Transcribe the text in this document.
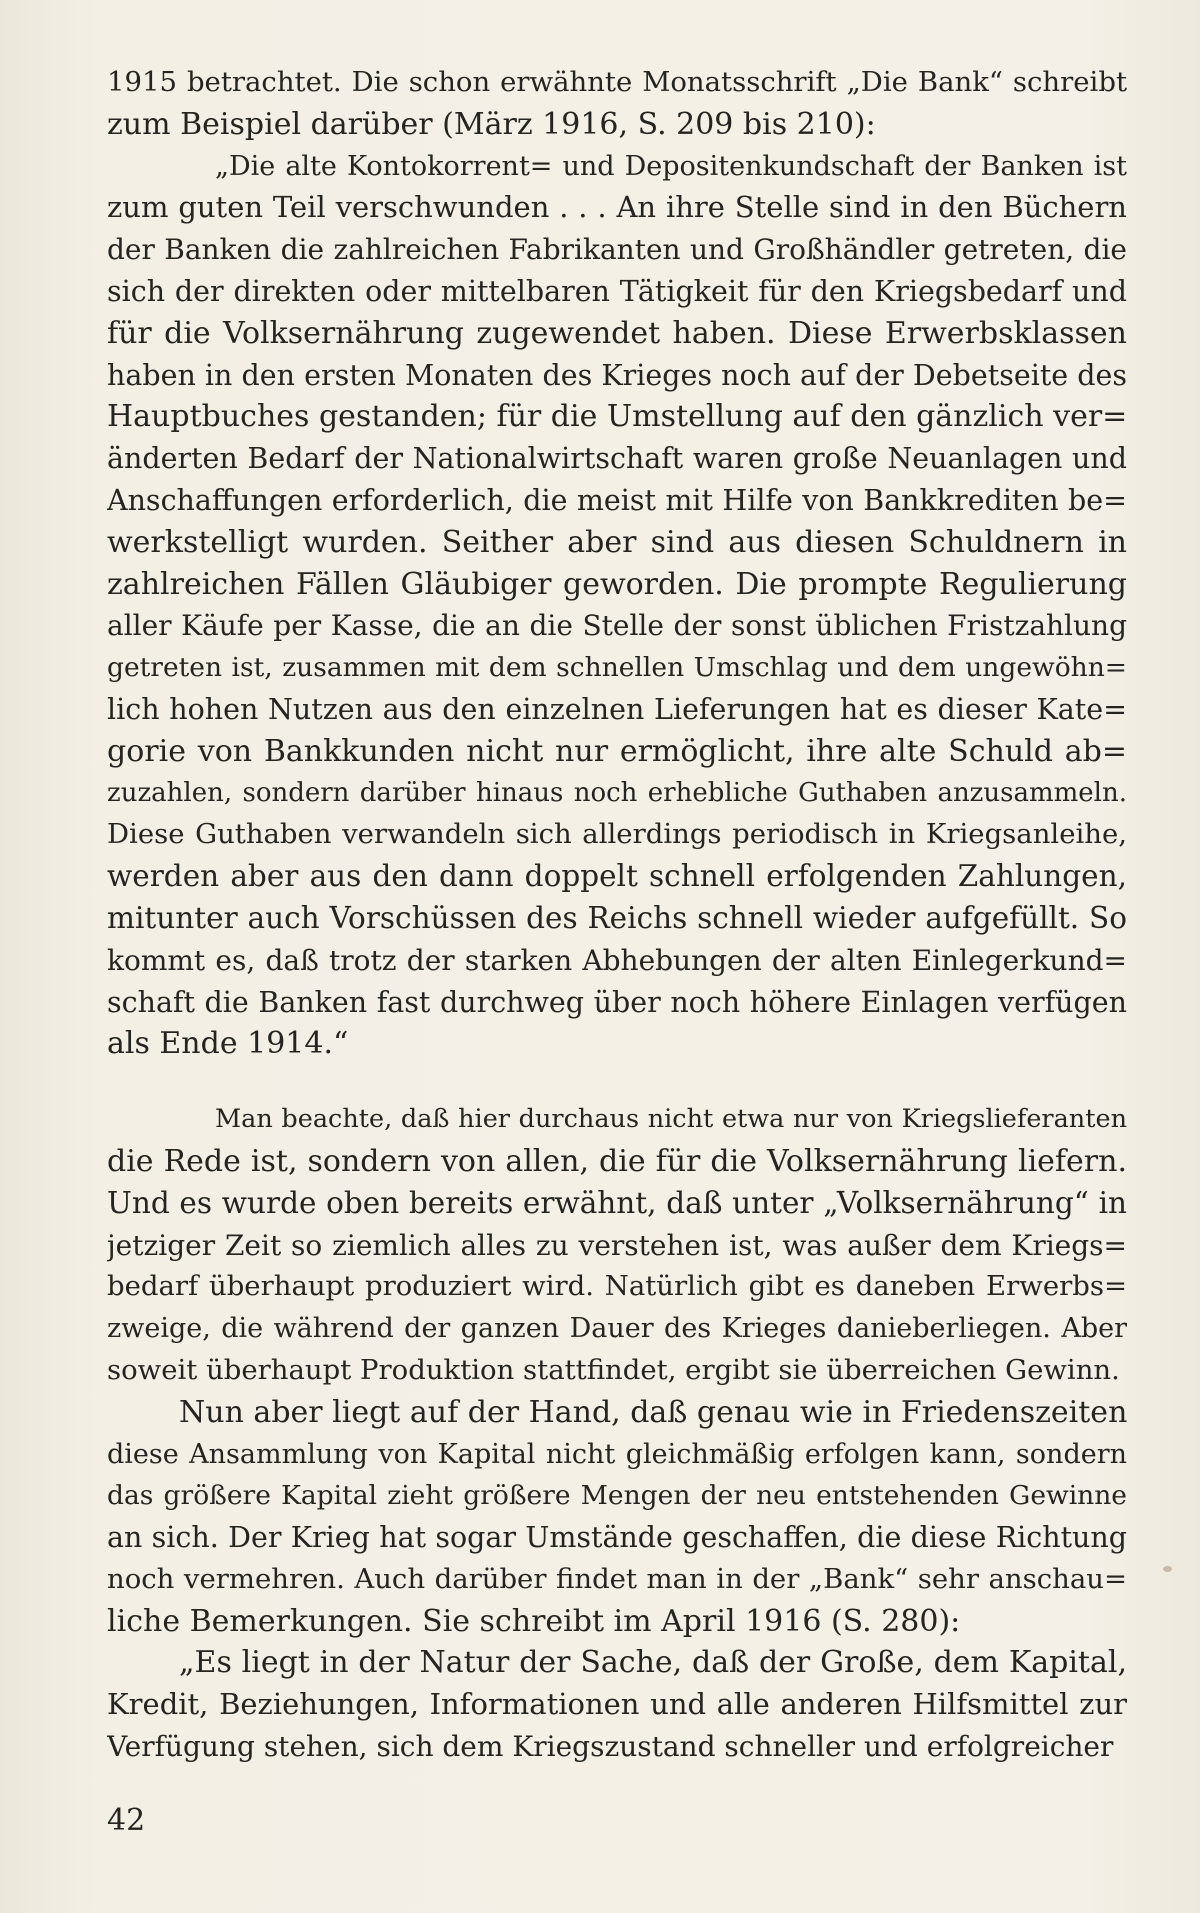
1915 betrachtet. Die schon erwähnte Monatsschrift „Die Bank“ schreibt
zum Beispiel darüber (März 1916, S. 209 bis 210):
„Die alte Kontokorrent= und Depositenkundschaft der Banken ist
zum guten Teil verschwunden . . . An ihre Stelle sind in den Büchern
der Banken die zahlreichen Fabrikanten und Großhändler getreten, die
sich der direkten oder mittelbaren Tätigkeit für den Kriegsbedarf und
für die Volksernährung zugewendet haben. Diese Erwerbsklassen
haben in den ersten Monaten des Krieges noch auf der Debetseite des
Hauptbuches gestanden; für die Umstellung auf den gänzlich ver=
änderten Bedarf der Nationalwirtschaft waren große Neuanlagen und
Anschaffungen erforderlich, die meist mit Hilfe von Bankkrediten be=
werkstelligt wurden. Seither aber sind aus diesen Schuldnern in
zahlreichen Fällen Gläubiger geworden. Die prompte Regulierung
aller Käufe per Kasse, die an die Stelle der sonst üblichen Fristzahlung
getreten ist, zusammen mit dem schnellen Umschlag und dem ungewöhn=
lich hohen Nutzen aus den einzelnen Lieferungen hat es dieser Kate=
gorie von Bankkunden nicht nur ermöglicht, ihre alte Schuld ab=
zuzahlen, sondern darüber hinaus noch erhebliche Guthaben anzusammeln.
Diese Guthaben verwandeln sich allerdings periodisch in Kriegsanleihe,
werden aber aus den dann doppelt schnell erfolgenden Zahlungen,
mitunter auch Vorschüssen des Reichs schnell wieder aufgefüllt. So
kommt es, daß trotz der starken Abhebungen der alten Einlegerkund=
schaft die Banken fast durchweg über noch höhere Einlagen verfügen
als Ende 1914.“
Man beachte, daß hier durchaus nicht etwa nur von Kriegslieferanten
die Rede ist, sondern von allen, die für die Volksernährung liefern.
Und es wurde oben bereits erwähnt, daß unter „Volksernährung“ in
jetziger Zeit so ziemlich alles zu verstehen ist, was außer dem Kriegs=
bedarf überhaupt produziert wird. Natürlich gibt es daneben Erwerbs=
zweige, die während der ganzen Dauer des Krieges danieberliegen. Aber
soweit überhaupt Produktion stattfindet, ergibt sie überreichen Gewinn.
Nun aber liegt auf der Hand, daß genau wie in Friedenszeiten
diese Ansammlung von Kapital nicht gleichmäßig erfolgen kann, sondern
das größere Kapital zieht größere Mengen der neu entstehenden Gewinne
an sich. Der Krieg hat sogar Umstände geschaffen, die diese Richtung
noch vermehren. Auch darüber findet man in der „Bank“ sehr anschau=
liche Bemerkungen. Sie schreibt im April 1916 (S. 280):
„Es liegt in der Natur der Sache, daß der Große, dem Kapital,
Kredit, Beziehungen, Informationen und alle anderen Hilfsmittel zur
Verfügung stehen, sich dem Kriegszustand schneller und erfolgreicher
42
